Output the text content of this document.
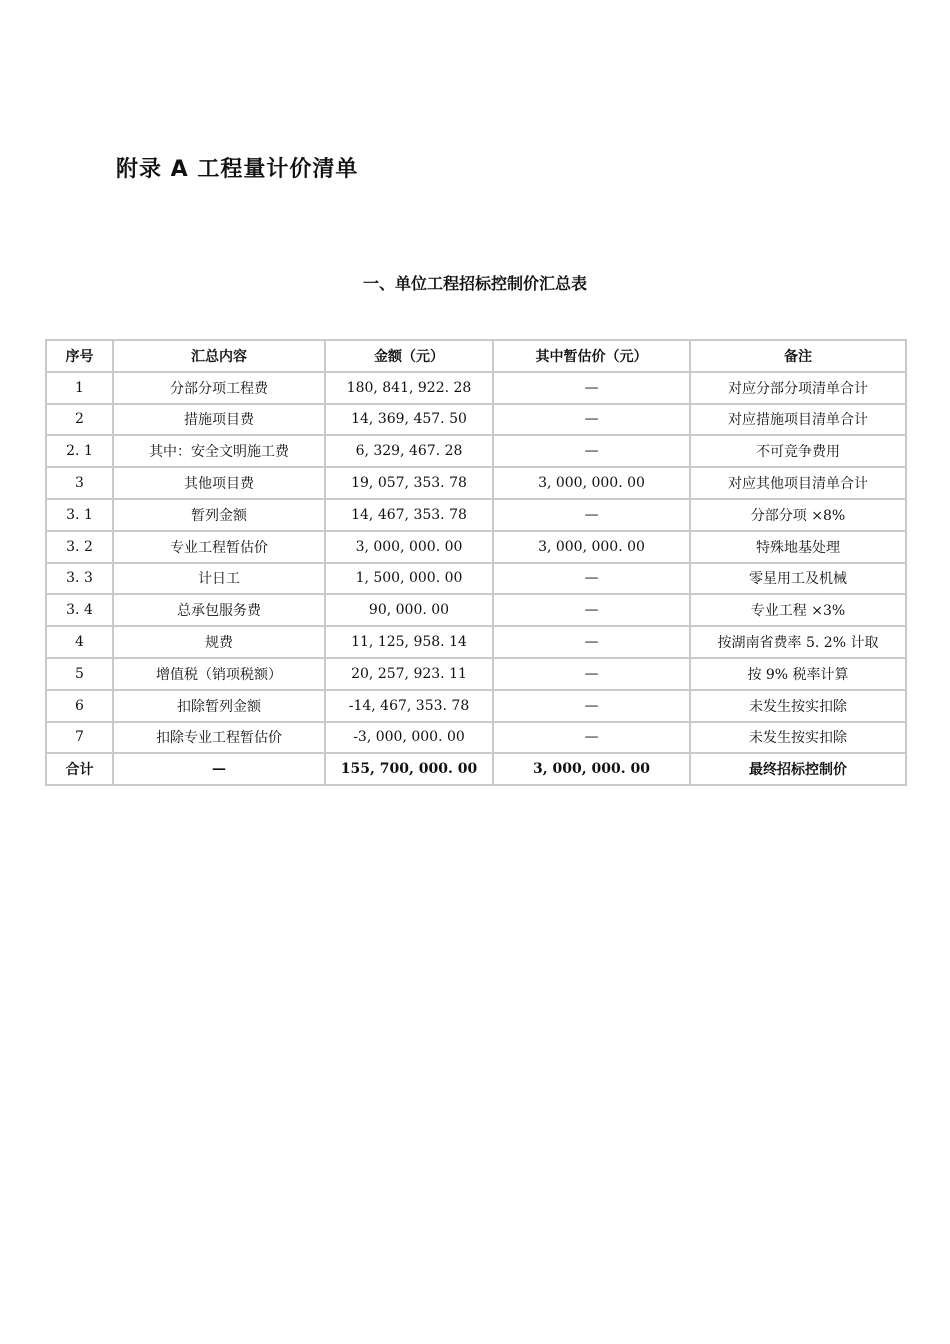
附录 A 工程量计价清单
一、单位工程招标控制价汇总表
序号	汇总内容	金额（元）	其中暂估价（元）	备注
1	分部分项工程费	180, 841, 922. 28	—	对应分部分项清单合计
2	措施项目费	14, 369, 457. 50	—	对应措施项目清单合计
2. 1	其中：安全文明施工费	6, 329, 467. 28	—	不可竞争费用
3	其他项目费	19, 057, 353. 78	3, 000, 000. 00	对应其他项目清单合计
3. 1	暂列金额	14, 467, 353. 78	—	分部分项 ×8%
3. 2	专业工程暂估价	3, 000, 000. 00	3, 000, 000. 00	特殊地基处理
3. 3	计日工	1, 500, 000. 00	—	零星用工及机械
3. 4	总承包服务费	90, 000. 00	—	专业工程 ×3%
4	规费	11, 125, 958. 14	—	按湖南省费率 5. 2% 计取
5	增值税（销项税额）	20, 257, 923. 11	—	按 9% 税率计算
6	扣除暂列金额	-14, 467, 353. 78	—	未发生按实扣除
7	扣除专业工程暂估价	-3, 000, 000. 00	—	未发生按实扣除
合计	—	155, 700, 000. 00	3, 000, 000. 00	最终招标控制价
